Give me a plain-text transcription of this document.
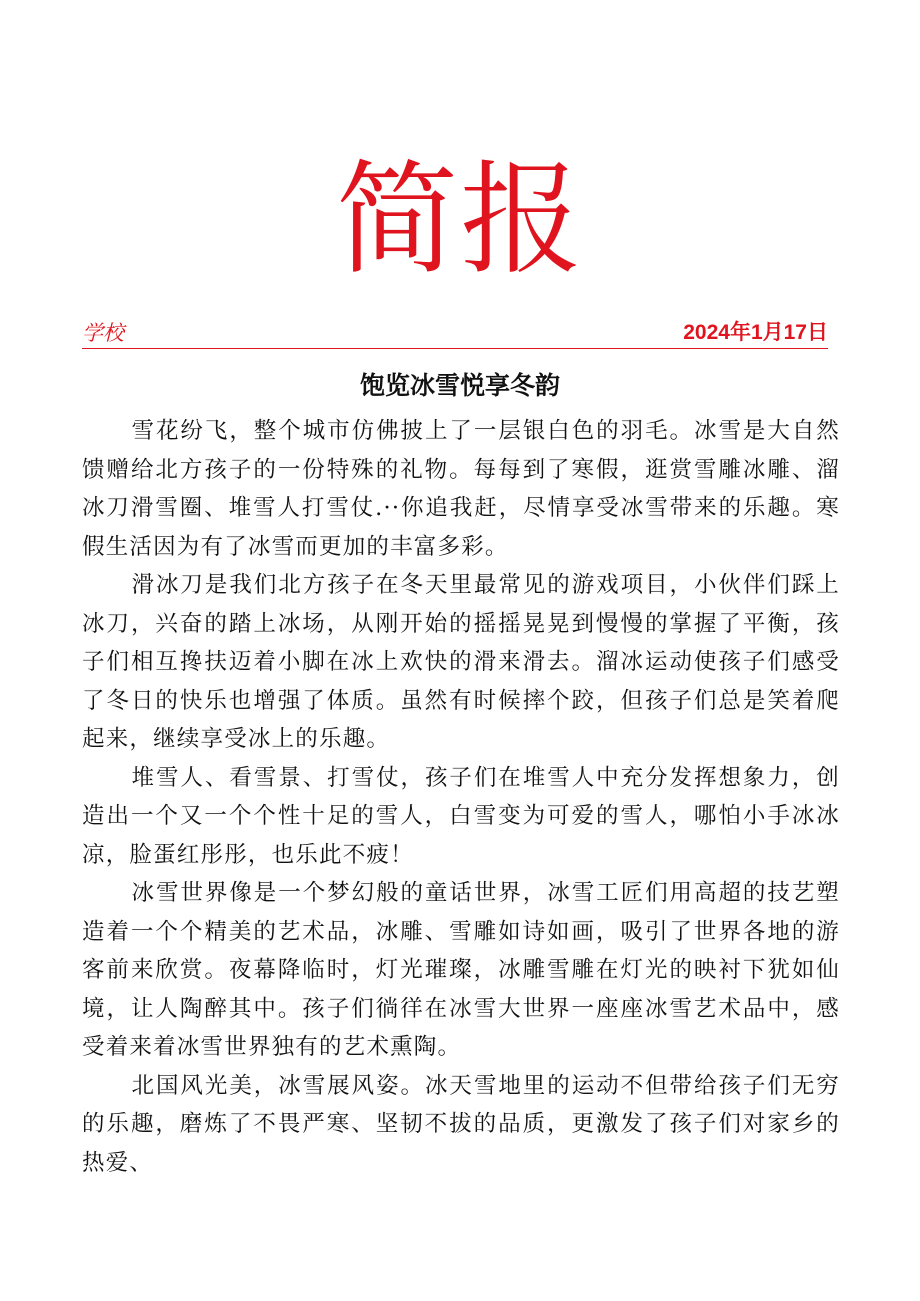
简报
学校	2024年1月17日
饱览冰雪悦享冬韵

雪花纷飞，整个城市仿佛披上了一层银白色的羽毛。冰雪是大自然馈赠给北方孩子的一份特殊的礼物。每每到了寒假，逛赏雪雕冰雕、溜冰刀滑雪圈、堆雪人打雪仗.··你追我赶，尽情享受冰雪带来的乐趣。寒假生活因为有了冰雪而更加的丰富多彩。

滑冰刀是我们北方孩子在冬天里最常见的游戏项目，小伙伴们踩上冰刀，兴奋的踏上冰场，从刚开始的摇摇晃晃到慢慢的掌握了平衡，孩子们相互搀扶迈着小脚在冰上欢快的滑来滑去。溜冰运动使孩子们感受了冬日的快乐也增强了体质。虽然有时候摔个跤，但孩子们总是笑着爬起来，继续享受冰上的乐趣。

堆雪人、看雪景、打雪仗，孩子们在堆雪人中充分发挥想象力，创造出一个又一个个性十足的雪人，白雪变为可爱的雪人，哪怕小手冰冰凉，脸蛋红彤彤，也乐此不疲！

冰雪世界像是一个梦幻般的童话世界，冰雪工匠们用高超的技艺塑造着一个个精美的艺术品，冰雕、雪雕如诗如画，吸引了世界各地的游客前来欣赏。夜幕降临时，灯光璀璨，冰雕雪雕在灯光的映衬下犹如仙境，让人陶醉其中。孩子们徜徉在冰雪大世界一座座冰雪艺术品中，感受着来着冰雪世界独有的艺术熏陶。

北国风光美，冰雪展风姿。冰天雪地里的运动不但带给孩子们无穷的乐趣，磨炼了不畏严寒、坚韧不拔的品质，更激发了孩子们对家乡的热爱、
